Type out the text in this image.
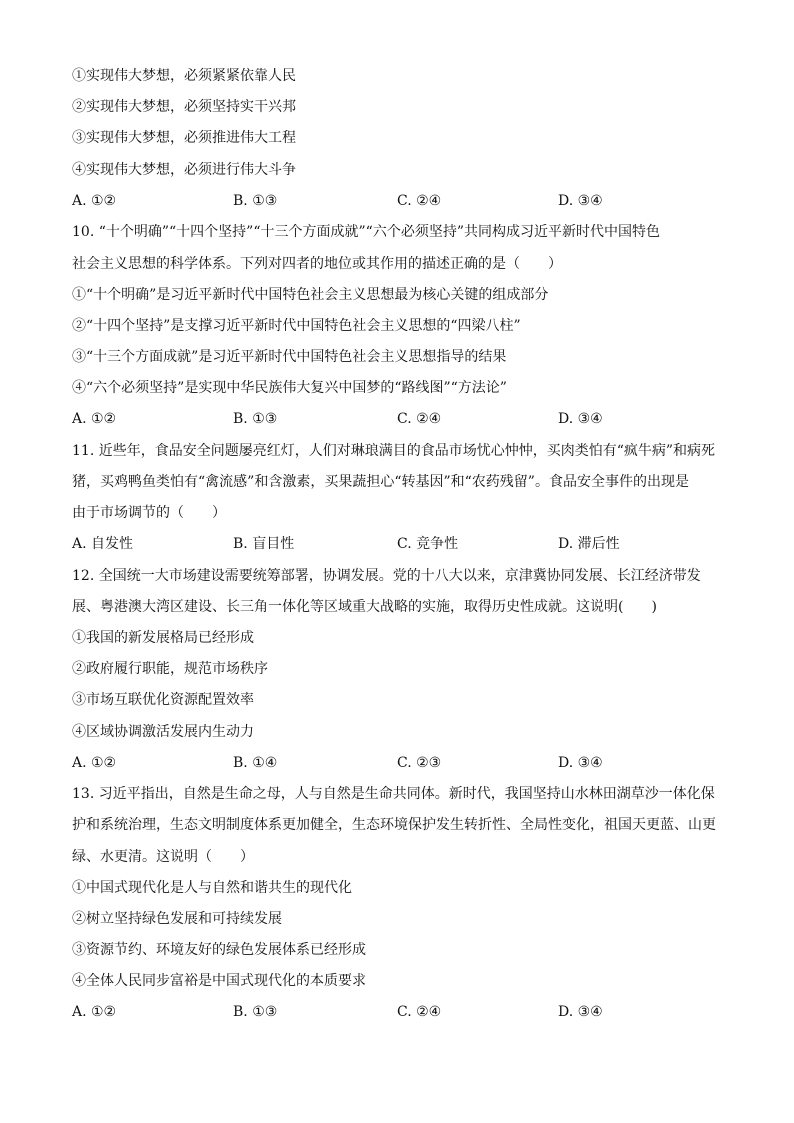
①实现伟大梦想，必须紧紧依靠人民
②实现伟大梦想，必须坚持实干兴邦
③实现伟大梦想，必须推进伟大工程
④实现伟大梦想，必须进行伟大斗争
A. ①②	B. ①③	C. ②④	D. ③④
10. “十个明确”“十四个坚持”“十三个方面成就”“六个必须坚持”共同构成习近平新时代中国特色
社会主义思想的科学体系。下列对四者的地位或其作用的描述正确的是（　　）
①“十个明确”是习近平新时代中国特色社会主义思想最为核心关键的组成部分
②“十四个坚持”是支撑习近平新时代中国特色社会主义思想的“四梁八柱”
③“十三个方面成就”是习近平新时代中国特色社会主义思想指导的结果
④“六个必须坚持”是实现中华民族伟大复兴中国梦的“路线图”“方法论”
A. ①②	B. ①③	C. ②④	D. ③④
11. 近些年，食品安全问题屡亮红灯，人们对琳琅满目的食品市场忧心忡忡，买肉类怕有“疯牛病”和病死
猪，买鸡鸭鱼类怕有“禽流感”和含激素，买果蔬担心“转基因”和“农药残留”。食品安全事件的出现是
由于市场调节的（　　）
A. 自发性	B. 盲目性	C. 竞争性	D. 滞后性
12. 全国统一大市场建设需要统筹部署，协调发展。党的十八大以来，京津冀协同发展、长江经济带发
展、粤港澳大湾区建设、长三角一体化等区域重大战略的实施，取得历史性成就。这说明(　　)
①我国的新发展格局已经形成
②政府履行职能，规范市场秩序
③市场互联优化资源配置效率
④区域协调激活发展内生动力
A. ①②	B. ①④	C. ②③	D. ③④
13. 习近平指出，自然是生命之母，人与自然是生命共同体。新时代，我国坚持山水林田湖草沙一体化保
护和系统治理，生态文明制度体系更加健全，生态环境保护发生转折性、全局性变化，祖国天更蓝、山更
绿、水更清。这说明（　　）
①中国式现代化是人与自然和谐共生的现代化
②树立坚持绿色发展和可持续发展
③资源节约、环境友好的绿色发展体系已经形成
④全体人民同步富裕是中国式现代化的本质要求
A. ①②	B. ①③	C. ②④	D. ③④
